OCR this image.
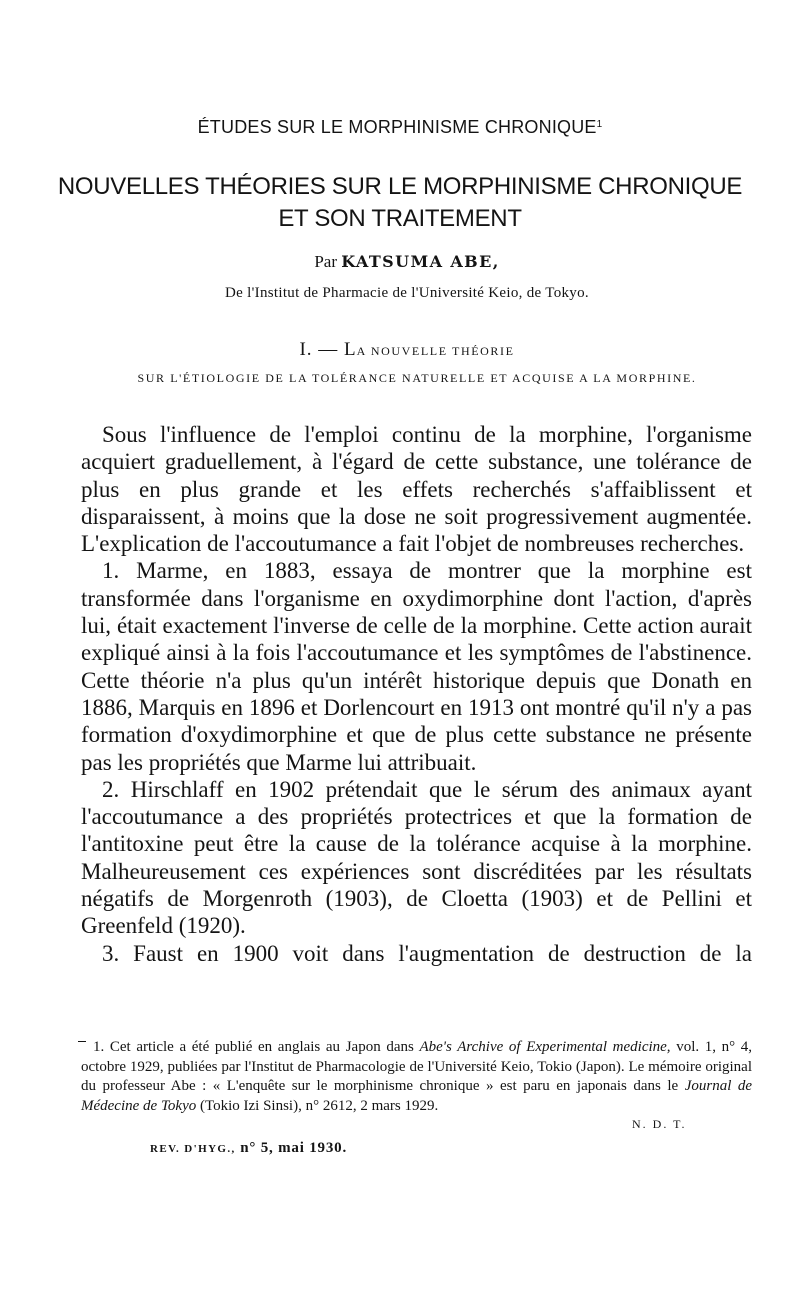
ÉTUDES SUR LE MORPHINISME CHRONIQUE$^1$
NOUVELLES THÉORIES SUR LE MORPHINISME CHRONIQUE
ET SON TRAITEMENT
Par KATSUMA ABE,
De l'Institut de Pharmacie de l'Université Keio, de Tokyo.
I. — LA NOUVELLE THÉORIE
SUR L'ÉTIOLOGIE DE LA TOLÉRANCE NATURELLE ET ACQUISE A LA MORPHINE.

Sous l'influence de l'emploi continu de la morphine, l'organisme acquiert graduellement, à l'égard de cette substance, une tolérance de plus en plus grande et les effets recherchés s'affaiblissent et disparaissent, à moins que la dose ne soit progressivement augmentée. L'explication de l'accoutumance a fait l'objet de nombreuses recherches.

1. Marme, en 1883, essaya de montrer que la morphine est transformée dans l'organisme en oxydimorphine dont l'action, d'après lui, était exactement l'inverse de celle de la morphine. Cette action aurait expliqué ainsi à la fois l'accoutumance et les symptômes de l'abstinence. Cette théorie n'a plus qu'un intérêt historique depuis que Donath en 1886, Marquis en 1896 et Dorlencourt en 1913 ont montré qu'il n'y a pas formation d'oxydimorphine et que de plus cette substance ne présente pas les propriétés que Marme lui attribuait.

2. Hirschlaff en 1902 prétendait que le sérum des animaux ayant l'accoutumance a des propriétés protectrices et que la formation de l'antitoxine peut être la cause de la tolérance acquise à la morphine. Malheureusement ces expériences sont discréditées par les résultats négatifs de Morgenroth (1903), de Cloetta (1903) et de Pellini et Greenfeld (1920).

3. Faust en 1900 voit dans l'augmentation de destruction de la

1. Cet article a été publié en anglais au Japon dans Abe's Archive of Experimental medicine, vol. 1, n° 4, octobre 1929, publiées par l'Institut de Pharmacologie de l'Université Keio, Tokio (Japon). Le mémoire original du professeur Abe : « L'enquête sur le morphinisme chronique » est paru en japonais dans le Journal de Médecine de Tokyo (Tokio Izi Sinsi), n° 2612, 2 mars 1929.

N. D. T.
REV. D'HYG., n° 5, mai 1930.
